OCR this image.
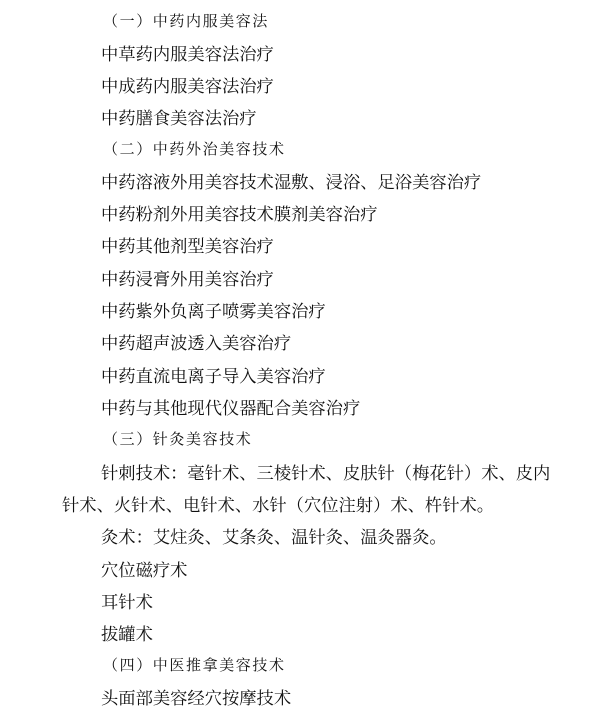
（一）中药内服美容法
中草药内服美容法治疗
中成药内服美容法治疗
中药膳食美容法治疗
（二）中药外治美容技术
中药溶液外用美容技术湿敷、浸浴、足浴美容治疗
中药粉剂外用美容技术膜剂美容治疗
中药其他剂型美容治疗
中药浸膏外用美容治疗
中药紫外负离子喷雾美容治疗
中药超声波透入美容治疗
中药直流电离子导入美容治疗
中药与其他现代仪器配合美容治疗
（三）针灸美容技术
针刺技术：毫针术、三棱针术、皮肤针（梅花针）术、皮内
针术、火针术、电针术、水针（穴位注射）术、杵针术。
灸术：艾炷灸、艾条灸、温针灸、温灸器灸。
穴位磁疗术
耳针术
拔罐术
（四）中医推拿美容技术
头面部美容经穴按摩技术
